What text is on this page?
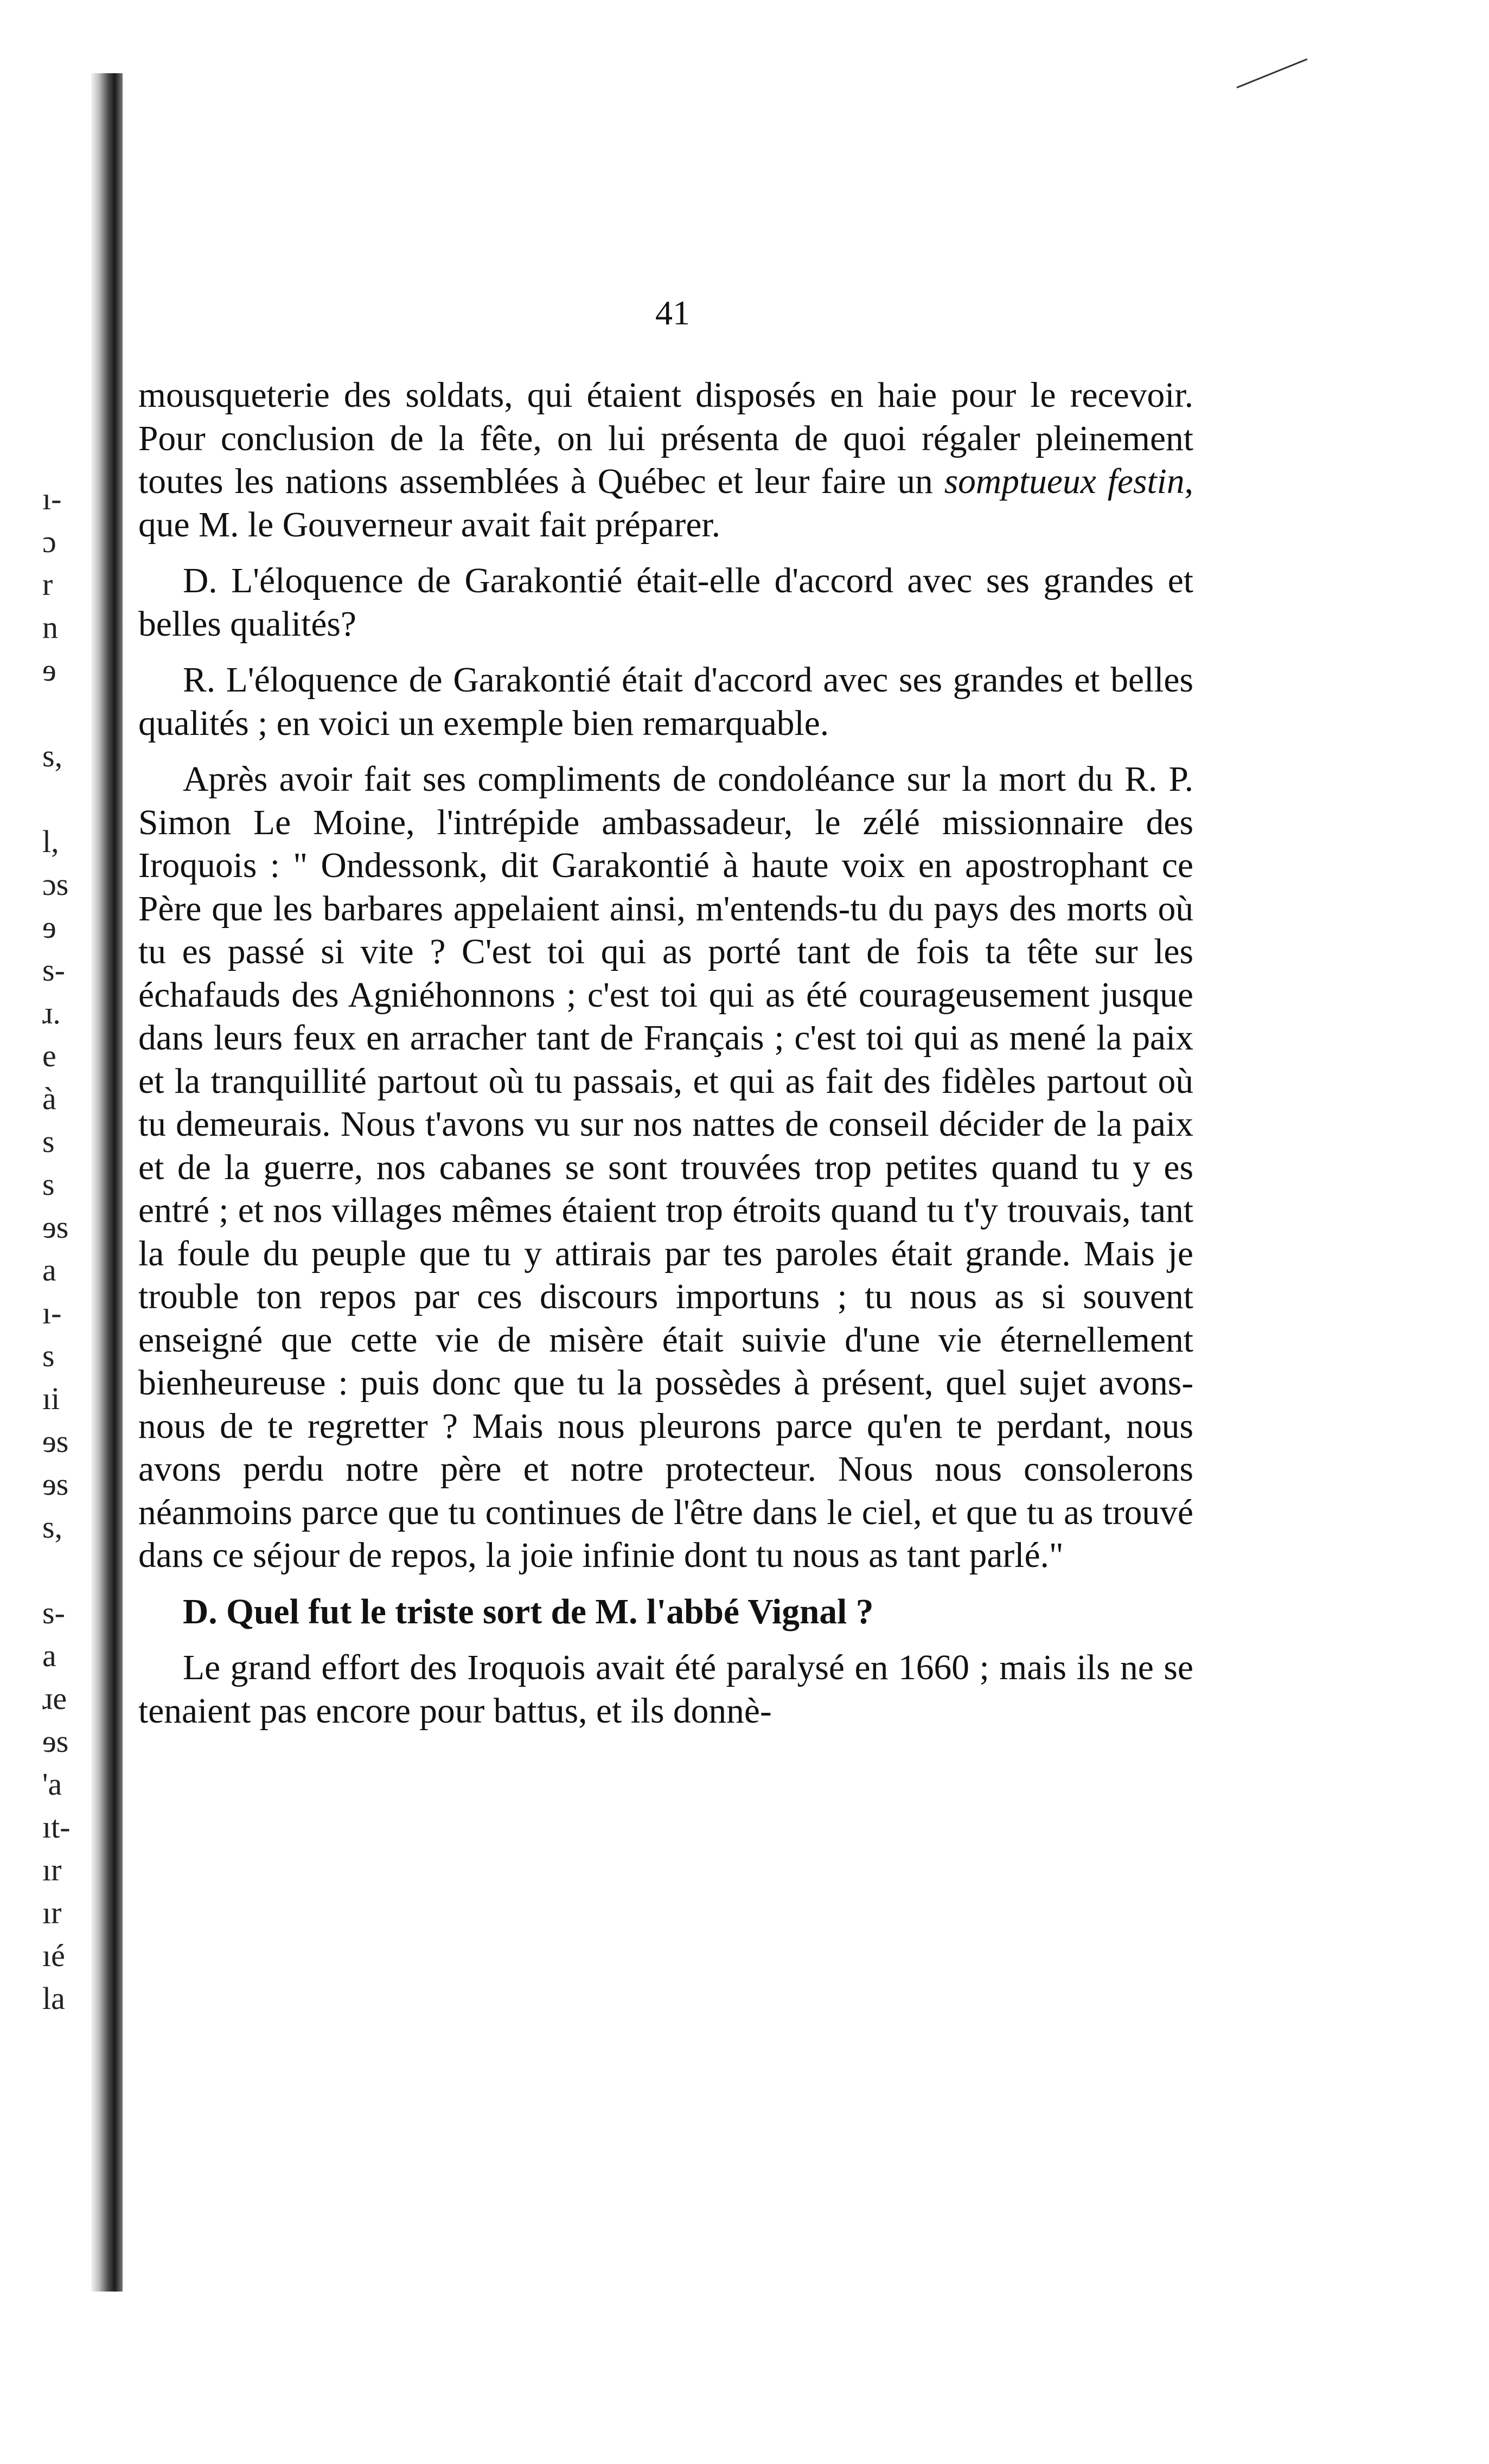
ı-
ɔ
r
n
ɘ
s,
l,
ɔs
ɘ
s-
ɹ.
e
à
s
s
ɘs
a
ı-
s
ıi
ɘs
ɘs
s,
s-
a
ɹe
ɘs
'a
ıt-
ır
ır
ıé
la
41

mousqueterie des soldats, qui étaient disposés en haie pour le recevoir. Pour conclusion de la fête, on lui présenta de quoi régaler pleinement toutes les nations assemblées à Québec et leur faire un somptueux festin, que M. le Gouverneur avait fait préparer.

D. L'éloquence de Garakontié était-elle d'accord avec ses grandes et belles qualités?

R. L'éloquence de Garakontié était d'accord avec ses grandes et belles qualités ; en voici un exemple bien remarquable.

Après avoir fait ses compliments de condoléance sur la mort du R. P. Simon Le Moine, l'intrépide ambassadeur, le zélé missionnaire des Iroquois : " Ondessonk, dit Garakontié à haute voix en apostrophant ce Père que les barbares appelaient ainsi, m'entends-tu du pays des morts où tu es passé si vite ? C'est toi qui as porté tant de fois ta tête sur les échafauds des Agniéhonnons ; c'est toi qui as été courageusement jusque dans leurs feux en arracher tant de Français ; c'est toi qui as mené la paix et la tranquillité partout où tu passais, et qui as fait des fidèles partout où tu demeurais. Nous t'avons vu sur nos nattes de conseil décider de la paix et de la guerre, nos cabanes se sont trouvées trop petites quand tu y es entré ; et nos villages mêmes étaient trop étroits quand tu t'y trouvais, tant la foule du peuple que tu y attirais par tes paroles était grande. Mais je trouble ton repos par ces discours importuns ; tu nous as si souvent enseigné que cette vie de misère était suivie d'une vie éternellement bienheureuse : puis donc que tu la possèdes à présent, quel sujet avons-nous de te regretter ? Mais nous pleurons parce qu'en te perdant, nous avons perdu notre père et notre protecteur. Nous nous consolerons néanmoins parce que tu continues de l'être dans le ciel, et que tu as trouvé dans ce séjour de repos, la joie infinie dont tu nous as tant parlé."

D. Quel fut le triste sort de M. l'abbé Vignal ?

Le grand effort des Iroquois avait été paralysé en 1660 ; mais ils ne se tenaient pas encore pour battus, et ils donnè-
